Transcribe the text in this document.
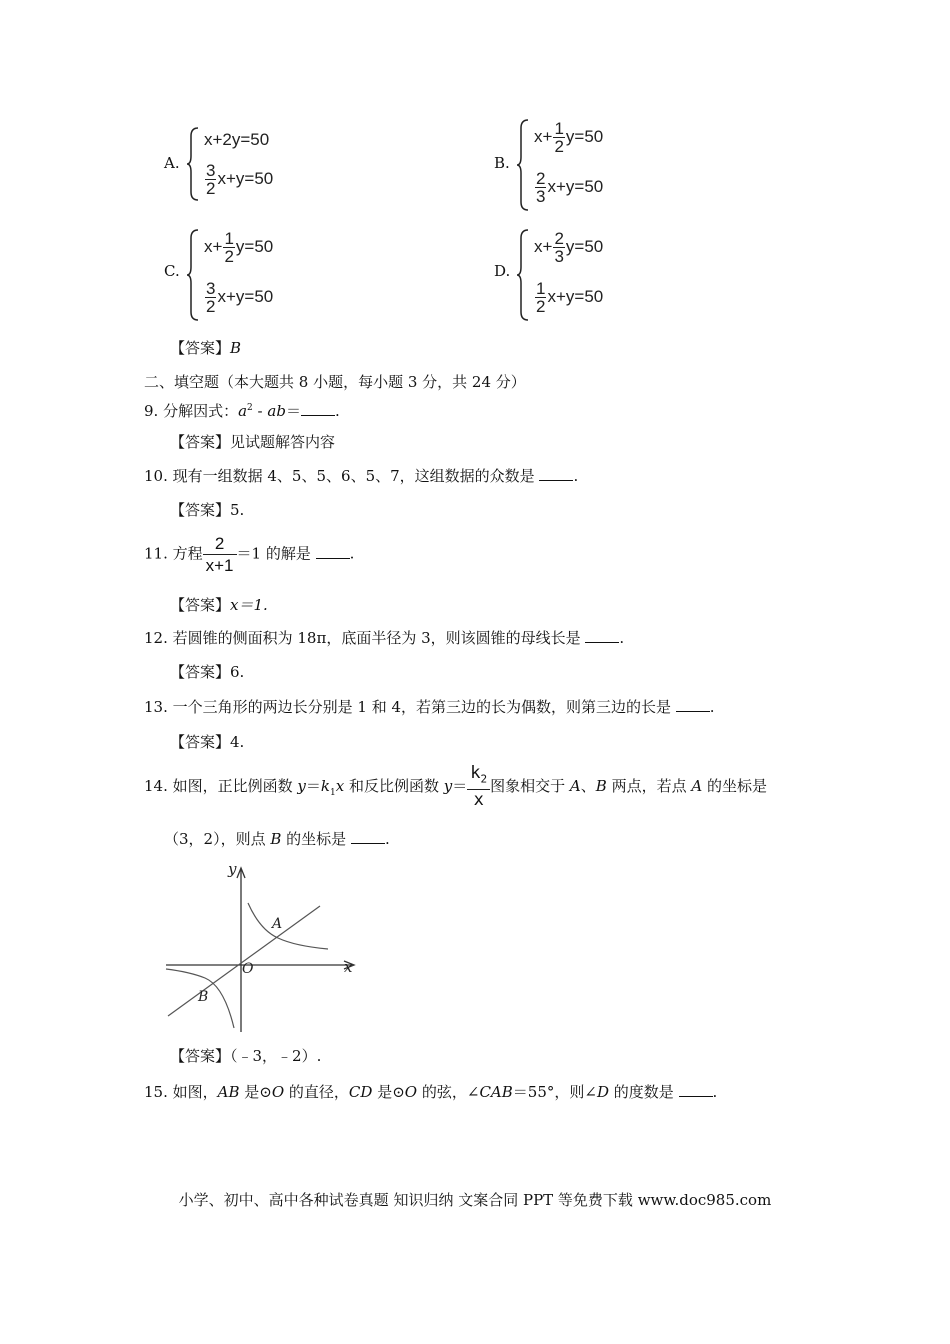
A.
x+2y=50
$\frac{3}{2} x+y=50$
B.
$x+ \frac{1}{2} y=50$
$\frac{2}{3} x+y=50$
C.
$x+ \frac{1}{2} y=50$
$\frac{3}{2} x+y=50$
D.
$x+ \frac{2}{3} y=50$
$\frac{1}{2} x+y=50$
【答案】B
二、填空题（本大题共 8 小题，每小题 3 分，共 24 分）
9. 分解因式：$a^2 - ab=$ .
【答案】见试题解答内容
10. 现有一组数据 4、5、5、6、5、7，这组数据的众数是 .
【答案】5.
11. 方程 $\frac{2}{x+1} =1$ 的解是 .
【答案】x＝1.
12. 若圆锥的侧面积为 18π，底面半径为 3，则该圆锥的母线长是 .
【答案】6.
13. 一个三角形的两边长分别是 1 和 4，若第三边的长为偶数，则第三边的长是 .
【答案】4.
14. 如图，正比例函数 $y=k_1x$ 和反比例函数 $y= \frac{k_2}{x}$ 图象相交于 A、B 两点，若点 A 的坐标是
（3，2），则点 B 的坐标是 .
y
x
O
A
B
【答案】（﹣3，﹣2）.
15. 如图，AB 是⊙O 的直径，CD 是⊙O 的弦，∠CAB＝55°，则∠D 的度数是 .
小学、初中、高中各种试卷真题 知识归纳 文案合同 PPT 等免费下载 www.doc985.com
